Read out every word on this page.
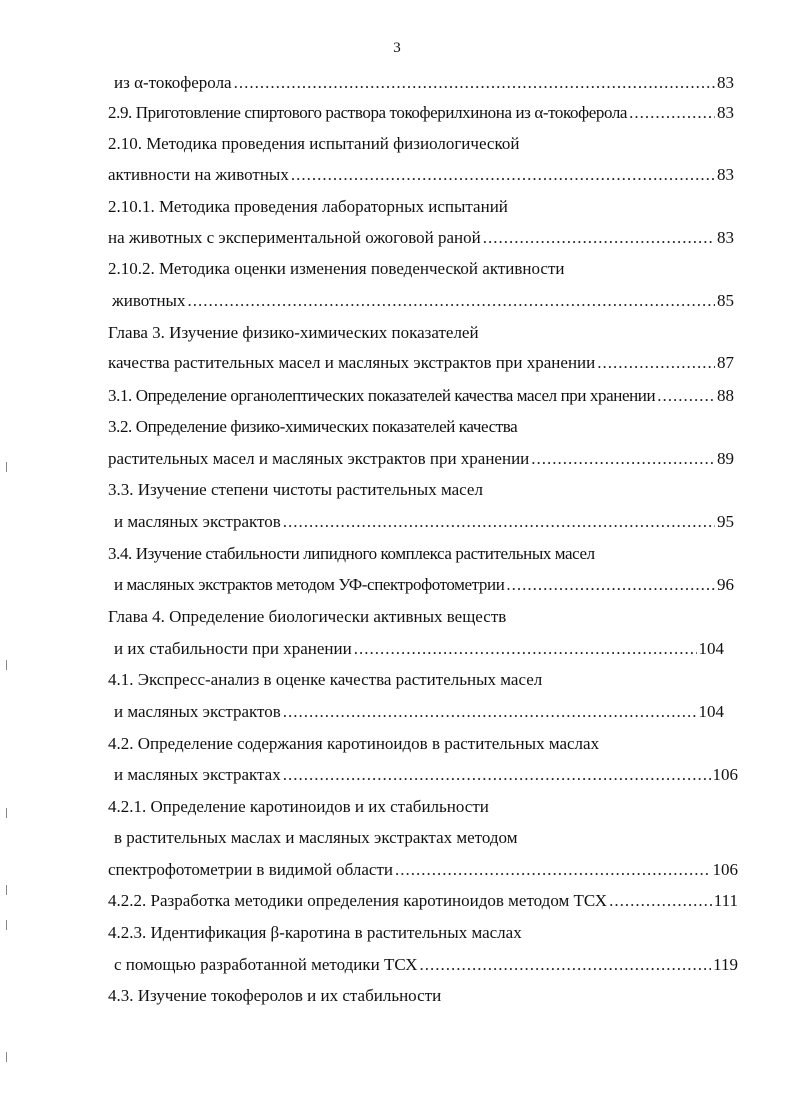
3
из α-токоферола .....	83
2.9. Приготовление спиртового раствора токоферилхинона из α-токоферола .....	83
2.10. Методика проведения испытаний физиологической
активности на животных .....	83
2.10.1. Методика проведения лабораторных испытаний
на животных с экспериментальной ожоговой раной .....	83
2.10.2. Методика оценки изменения поведенческой активности
животных .....	85
Глава 3. Изучение физико-химических показателей
качества растительных масел и масляных экстрактов при хранении .....	87
3.1. Определение органолептических показателей качества масел при хранении .....	88
3.2. Определение физико-химических показателей качества
растительных масел и масляных экстрактов при хранении .....	89
3.3. Изучение степени чистоты растительных масел
и масляных экстрактов .....	95
3.4. Изучение стабильности липидного комплекса растительных масел
и масляных экстрактов методом УФ-спектрофотометрии .....	96
Глава 4. Определение биологически активных веществ
и их стабильности при хранении .....	104
4.1. Экспресс-анализ в оценке качества растительных масел
и масляных экстрактов .....	104
4.2. Определение содержания каротиноидов в растительных маслах
и масляных экстрактах .....	106
4.2.1. Определение каротиноидов и их стабильности
в растительных маслах и масляных экстрактах методом
спектрофотометрии в видимой области .....	106
4.2.2. Разработка методики определения каротиноидов методом ТСХ .....	111
4.2.3. Идентификация β-каротина в растительных маслах
с помощью разработанной методики ТСХ .....	119
4.3. Изучение токоферолов и их стабильности
